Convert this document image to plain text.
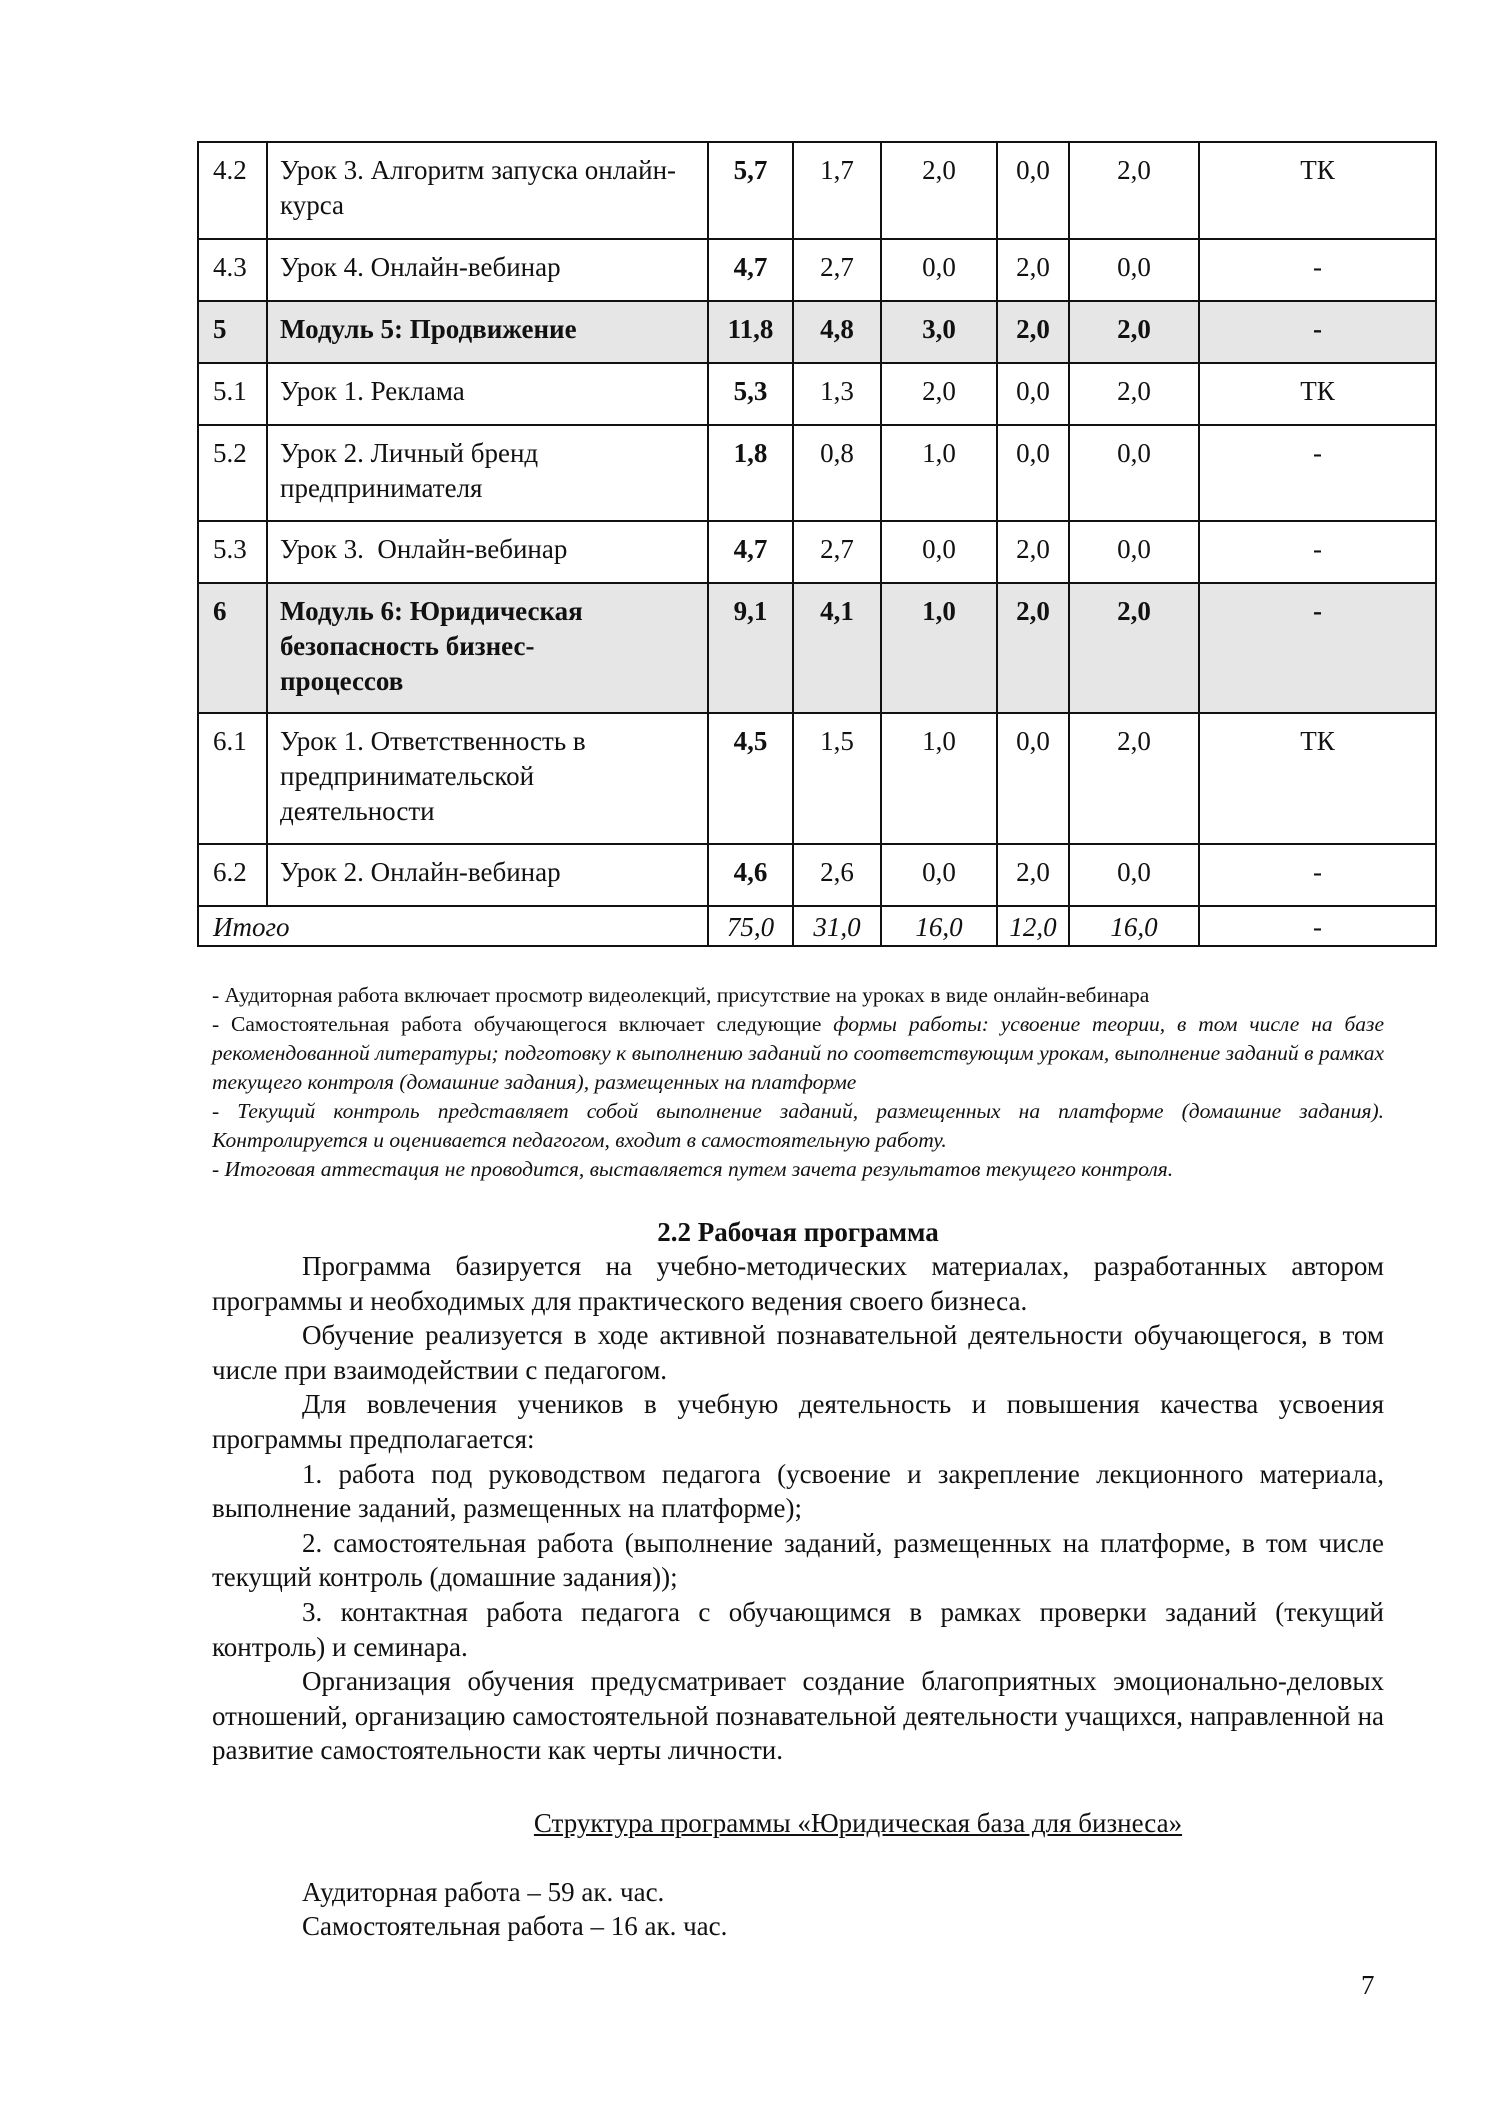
4.2	Урок 3. Алгоритм запуска онлайн-курса	5,7	1,7	2,0	0,0	2,0	ТК
4.3	Урок 4. Онлайн-вебинар	4,7	2,7	0,0	2,0	0,0	-
5	Модуль 5: Продвижение	11,8	4,8	3,0	2,0	2,0	-
5.1	Урок 1. Реклама	5,3	1,3	2,0	0,0	2,0	ТК
5.2	Урок 2. Личный бренд предпринимателя	1,8	0,8	1,0	0,0	0,0	-
5.3	Урок 3.  Онлайн-вебинар	4,7	2,7	0,0	2,0	0,0	-
6	Модуль 6: Юридическая безопасность бизнес-процессов	9,1	4,1	1,0	2,0	2,0	-
6.1	Урок 1. Ответственность в предпринимательской деятельности	4,5	1,5	1,0	0,0	2,0	ТК
6.2	Урок 2. Онлайн-вебинар	4,6	2,6	0,0	2,0	0,0	-
Итого		75,0	31,0	16,0	12,0	16,0	-

- Аудиторная работа включает просмотр видеолекций, присутствие на уроках в виде онлайн-вебинара

- Самостоятельная работа обучающегося включает следующие формы работы: усвоение теории, в том числе на базе рекомендованной литературы; подготовку к выполнению заданий по соответствующим урокам, выполнение заданий в рамках текущего контроля (домашние задания), размещенных на платформе

- Текущий контроль представляет собой выполнение заданий, размещенных на платформе (домашние задания). Контролируется и оценивается педагогом, входит в самостоятельную работу.

- Итоговая аттестация не проводится, выставляется путем зачета результатов текущего контроля.

2.2 Рабочая программа

Программа базируется на учебно-методических материалах, разработанных автором программы и необходимых для практического ведения своего бизнеса.

Обучение реализуется в ходе активной познавательной деятельности обучающегося, в том числе при взаимодействии с педагогом.

Для вовлечения учеников в учебную деятельность и повышения качества усвоения программы предполагается:

1. работа под руководством педагога (усвоение и закрепление лекционного материала, выполнение заданий, размещенных на платформе);

2. самостоятельная работа (выполнение заданий, размещенных на платформе, в том числе текущий контроль (домашние задания));

3. контактная работа педагога с обучающимся в рамках проверки заданий (текущий контроль) и семинара.

Организация обучения предусматривает создание благоприятных эмоционально-деловых отношений, организацию самостоятельной познавательной деятельности учащихся, направленной на развитие самостоятельности как черты личности.

Структура программы «Юридическая база для бизнеса»

Аудиторная работа – 59 ак. час.

Самостоятельная работа – 16 ак. час.

7
